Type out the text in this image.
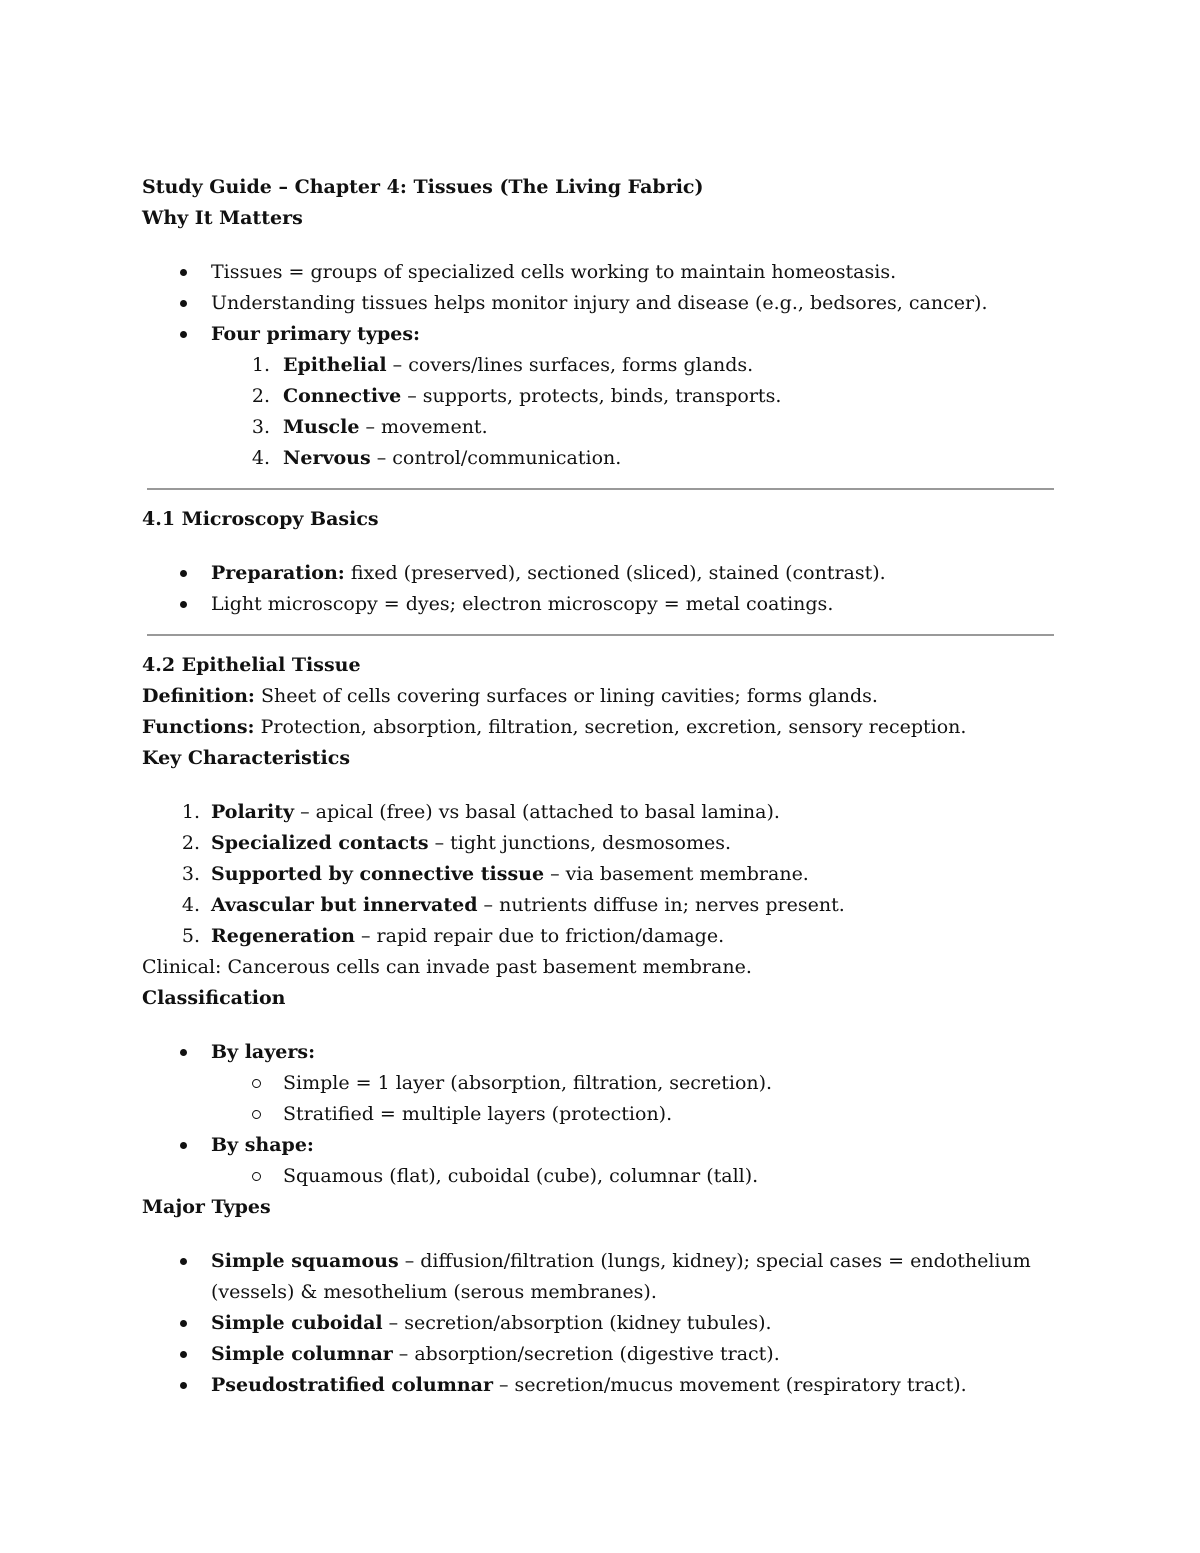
Study Guide – Chapter 4: Tissues (The Living Fabric)

Why It Matters

Tissues = groups of specialized cells working to maintain homeostasis.
Understanding tissues helps monitor injury and disease (e.g., bedsores, cancer).
Four primary types:
1. Epithelial – covers/lines surfaces, forms glands.
2. Connective – supports, protects, binds, transports.
3. Muscle – movement.
4. Nervous – control/communication.

4.1 Microscopy Basics

Preparation: fixed (preserved), sectioned (sliced), stained (contrast).
Light microscopy = dyes; electron microscopy = metal coatings.

4.2 Epithelial Tissue

Definition: Sheet of cells covering surfaces or lining cavities; forms glands.

Functions: Protection, absorption, filtration, secretion, excretion, sensory reception.

Key Characteristics

1. Polarity – apical (free) vs basal (attached to basal lamina).
2. Specialized contacts – tight junctions, desmosomes.
3. Supported by connective tissue – via basement membrane.
4. Avascular but innervated – nutrients diffuse in; nerves present.
5. Regeneration – rapid repair due to friction/damage.

Clinical: Cancerous cells can invade past basement membrane.

Classification

By layers:
Simple = 1 layer (absorption, filtration, secretion).
Stratified = multiple layers (protection).
By shape:
Squamous (flat), cuboidal (cube), columnar (tall).

Major Types

Simple squamous – diffusion/filtration (lungs, kidney); special cases = endothelium (vessels) & mesothelium (serous membranes).
Simple cuboidal – secretion/absorption (kidney tubules).
Simple columnar – absorption/secretion (digestive tract).
Pseudostratified columnar – secretion/mucus movement (respiratory tract).
